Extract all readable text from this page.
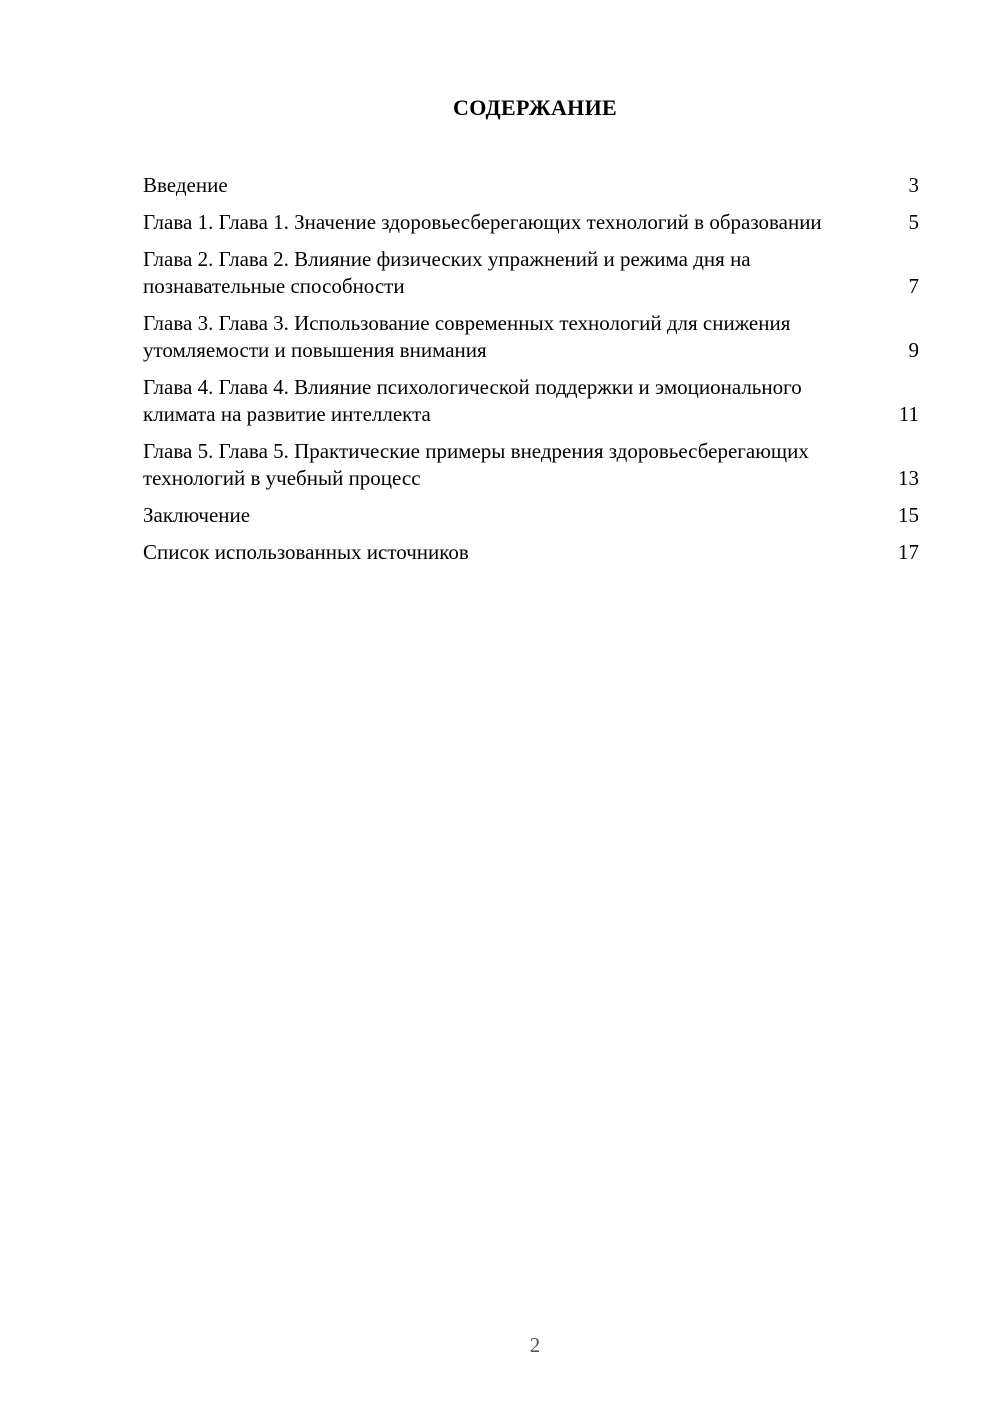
СОДЕРЖАНИЕ
Введение	3
Глава 1. Глава 1. Значение здоровьесберегающих технологий в образовании	5
Глава 2. Глава 2. Влияние физических упражнений и режима дня на познавательные способности	7
Глава 3. Глава 3. Использование современных технологий для снижения утомляемости и повышения внимания	9
Глава 4. Глава 4. Влияние психологической поддержки и эмоционального климата на развитие интеллекта	11
Глава 5. Глава 5. Практические примеры внедрения здоровьесберегающих технологий в учебный процесс	13
Заключение	15
Список использованных источников	17
2
